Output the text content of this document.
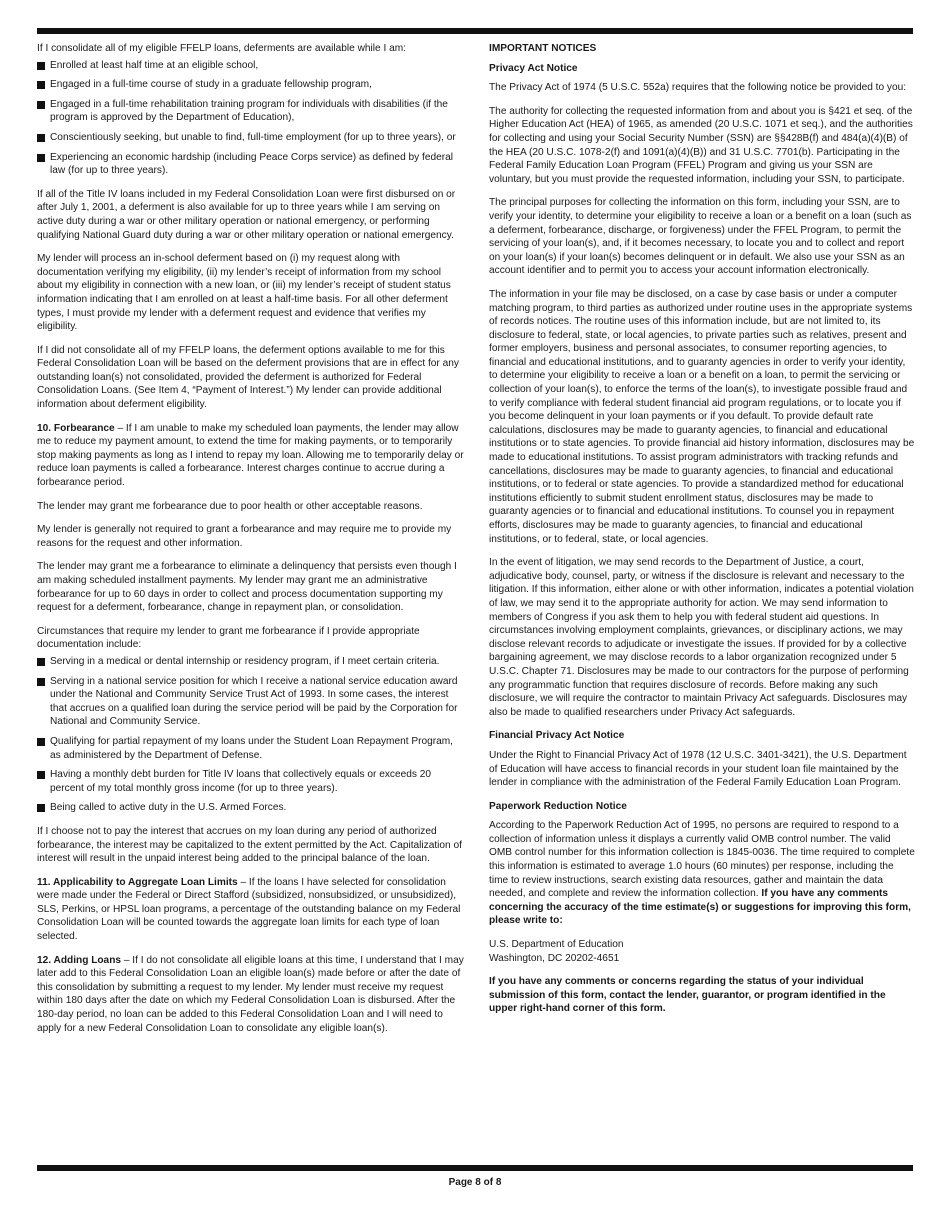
If I consolidate all of my eligible FFELP loans, deferments are available while I am:

Enrolled at least half time at an eligible school,
Engaged in a full-time course of study in a graduate fellowship program,
Engaged in a full-time rehabilitation training program for individuals with disabilities (if the program is approved by the Department of Education),
Conscientiously seeking, but unable to find, full-time employment (for up to three years), or
Experiencing an economic hardship (including Peace Corps service) as defined by federal law (for up to three years).

If all of the Title IV loans included in my Federal Consolidation Loan were first disbursed on or after July 1, 2001, a deferment is also available for up to three years while I am serving on active duty during a war or other military operation or national emergency, or performing qualifying National Guard duty during a war or other military operation or national emergency.

My lender will process an in-school deferment based on (i) my request along with documentation verifying my eligibility, (ii) my lender’s receipt of information from my school about my eligibility in connection with a new loan, or (iii) my lender’s receipt of student status information indicating that I am enrolled on at least a half-time basis. For all other deferment types, I must provide my lender with a deferment request and evidence that verifies my eligibility.

If I did not consolidate all of my FFELP loans, the deferment options available to me for this Federal Consolidation Loan will be based on the deferment provisions that are in effect for any outstanding loan(s) not consolidated, provided the deferment is authorized for Federal Consolidation Loans. (See Item 4, “Payment of Interest.”) My lender can provide additional information about deferment eligibility.

10. Forbearance – If I am unable to make my scheduled loan payments, the lender may allow me to reduce my payment amount, to extend the time for making payments, or to temporarily stop making payments as long as I intend to repay my loan. Allowing me to temporarily delay or reduce loan payments is called a forbearance. Interest charges continue to accrue during a forbearance period.

The lender may grant me forbearance due to poor health or other acceptable reasons.

My lender is generally not required to grant a forbearance and may require me to provide my reasons for the request and other information.

The lender may grant me a forbearance to eliminate a delinquency that persists even though I am making scheduled installment payments. My lender may grant me an administrative forbearance for up to 60 days in order to collect and process documentation supporting my request for a deferment, forbearance, change in repayment plan, or consolidation.

Circumstances that require my lender to grant me forbearance if I provide appropriate documentation include:

Serving in a medical or dental internship or residency program, if I meet certain criteria.
Serving in a national service position for which I receive a national service education award under the National and Community Service Trust Act of 1993. In some cases, the interest that accrues on a qualified loan during the service period will be paid by the Corporation for National and Community Service.
Qualifying for partial repayment of my loans under the Student Loan Repayment Program, as administered by the Department of Defense.
Having a monthly debt burden for Title IV loans that collectively equals or exceeds 20 percent of my total monthly gross income (for up to three years).
Being called to active duty in the U.S. Armed Forces.

If I choose not to pay the interest that accrues on my loan during any period of authorized forbearance, the interest may be capitalized to the extent permitted by the Act. Capitalization of interest will result in the unpaid interest being added to the principal balance of the loan.

11. Applicability to Aggregate Loan Limits – If the loans I have selected for consolidation were made under the Federal or Direct Stafford (subsidized, nonsubsidized, or unsubsidized), SLS, Perkins, or HPSL loan programs, a percentage of the outstanding balance on my Federal Consolidation Loan will be counted towards the aggregate loan limits for each type of loan selected.

12. Adding Loans – If I do not consolidate all eligible loans at this time, I understand that I may later add to this Federal Consolidation Loan an eligible loan(s) made before or after the date of this consolidation by submitting a request to my lender. My lender must receive my request within 180 days after the date on which my Federal Consolidation Loan is disbursed. After the 180-day period, no loan can be added to this Federal Consolidation Loan and I will need to apply for a new Federal Consolidation Loan to consolidate any eligible loan(s).

IMPORTANT NOTICES

Privacy Act Notice

The Privacy Act of 1974 (5 U.S.C. 552a) requires that the following notice be provided to you:

The authority for collecting the requested information from and about you is §421 et seq. of the Higher Education Act (HEA) of 1965, as amended (20 U.S.C. 1071 et seq.), and the authorities for collecting and using your Social Security Number (SSN) are §§428B(f) and 484(a)(4)(B) of the HEA (20 U.S.C. 1078-2(f) and 1091(a)(4)(B)) and 31 U.S.C. 7701(b). Participating in the Federal Family Education Loan Program (FFEL) Program and giving us your SSN are voluntary, but you must provide the requested information, including your SSN, to participate.

The principal purposes for collecting the information on this form, including your SSN, are to verify your identity, to determine your eligibility to receive a loan or a benefit on a loan (such as a deferment, forbearance, discharge, or forgiveness) under the FFEL Program, to permit the servicing of your loan(s), and, if it becomes necessary, to locate you and to collect and report on your loan(s) if your loan(s) becomes delinquent or in default. We also use your SSN as an account identifier and to permit you to access your account information electronically.

The information in your file may be disclosed, on a case by case basis or under a computer matching program, to third parties as authorized under routine uses in the appropriate systems of records notices. The routine uses of this information include, but are not limited to, its disclosure to federal, state, or local agencies, to private parties such as relatives, present and former employers, business and personal associates, to consumer reporting agencies, to financial and educational institutions, and to guaranty agencies in order to verify your identity, to determine your eligibility to receive a loan or a benefit on a loan, to permit the servicing or collection of your loan(s), to enforce the terms of the loan(s), to investigate possible fraud and to verify compliance with federal student financial aid program regulations, or to locate you if you become delinquent in your loan payments or if you default. To provide default rate calculations, disclosures may be made to guaranty agencies, to financial and educational institutions or to state agencies. To provide financial aid history information, disclosures may be made to educational institutions. To assist program administrators with tracking refunds and cancellations, disclosures may be made to guaranty agencies, to financial and educational institutions, or to federal or state agencies. To provide a standardized method for educational institutions efficiently to submit student enrollment status, disclosures may be made to guaranty agencies or to financial and educational institutions. To counsel you in repayment efforts, disclosures may be made to guaranty agencies, to financial and educational institutions, or to federal, state, or local agencies.

In the event of litigation, we may send records to the Department of Justice, a court, adjudicative body, counsel, party, or witness if the disclosure is relevant and necessary to the litigation. If this information, either alone or with other information, indicates a potential violation of law, we may send it to the appropriate authority for action. We may send information to members of Congress if you ask them to help you with federal student aid questions. In circumstances involving employment complaints, grievances, or disciplinary actions, we may disclose relevant records to adjudicate or investigate the issues. If provided for by a collective bargaining agreement, we may disclose records to a labor organization recognized under 5 U.S.C. Chapter 71. Disclosures may be made to our contractors for the purpose of performing any programmatic function that requires disclosure of records. Before making any such disclosure, we will require the contractor to maintain Privacy Act safeguards. Disclosures may also be made to qualified researchers under Privacy Act safeguards.

Financial Privacy Act Notice

Under the Right to Financial Privacy Act of 1978 (12 U.S.C. 3401-3421), the U.S. Department of Education will have access to financial records in your student loan file maintained by the lender in compliance with the administration of the Federal Family Education Loan Program.

Paperwork Reduction Notice

According to the Paperwork Reduction Act of 1995, no persons are required to respond to a collection of information unless it displays a currently valid OMB control number. The valid OMB control number for this information collection is 1845-0036. The time required to complete this information is estimated to average 1.0 hours (60 minutes) per response, including the time to review instructions, search existing data resources, gather and maintain the data needed, and complete and review the information collection. If you have any comments concerning the accuracy of the time estimate(s) or suggestions for improving this form, please write to:

U.S. Department of Education
Washington, DC 20202-4651

If you have any comments or concerns regarding the status of your individual submission of this form, contact the lender, guarantor, or program identified in the upper right-hand corner of this form.

Page 8 of 8
